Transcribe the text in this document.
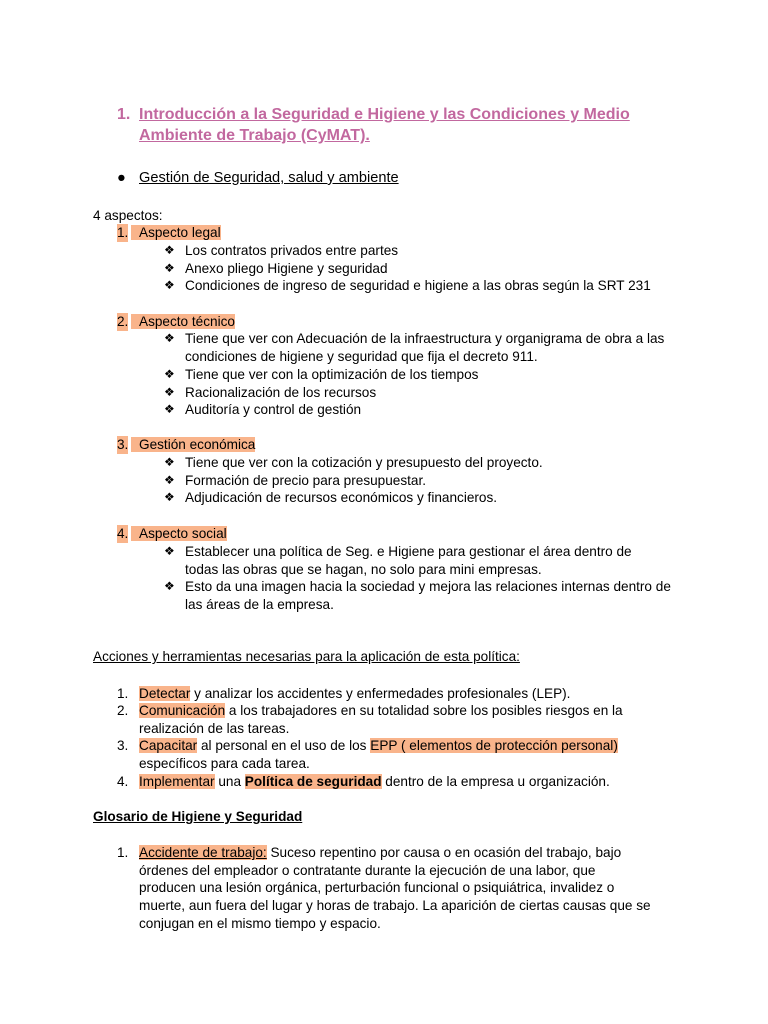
1. Introducción a la Seguridad e Higiene y las Condiciones y Medio Ambiente de Trabajo (CyMAT).
● Gestión de Seguridad, salud y ambiente
4 aspectos:
1. Aspecto legal
❖ Los contratos privados entre partes
❖ Anexo pliego Higiene y seguridad
❖ Condiciones de ingreso de seguridad e higiene a las obras según la SRT 231
2. Aspecto técnico
❖ Tiene que ver con Adecuación de la infraestructura y organigrama de obra a las condiciones de higiene y seguridad que fija el decreto 911.
❖ Tiene que ver con la optimización de los tiempos
❖ Racionalización de los recursos
❖ Auditoría y control de gestión
3. Gestión económica
❖ Tiene que ver con la cotización y presupuesto del proyecto.
❖ Formación de precio para presupuestar.
❖ Adjudicación de recursos económicos y financieros.
4. Aspecto social
❖ Establecer una política de Seg. e Higiene para gestionar el área dentro de todas las obras que se hagan, no solo para mini empresas.
❖ Esto da una imagen hacia la sociedad y mejora las relaciones internas dentro de las áreas de la empresa.
Acciones y herramientas necesarias para la aplicación de esta política:
1. Detectar y analizar los accidentes y enfermedades profesionales (LEP).
2. Comunicación a los trabajadores en su totalidad sobre los posibles riesgos en la
realización de las tareas.
3. Capacitar al personal en el uso de los EPP ( elementos de protección personal)
específicos para cada tarea.
4. Implementar una Política de seguridad dentro de la empresa u organización.
Glosario de Higiene y Seguridad
1. Accidente de trabajo: Suceso repentino por causa o en ocasión del trabajo, bajo
órdenes del empleador o contratante durante la ejecución de una labor, que
producen una lesión orgánica, perturbación funcional o psiquiátrica, invalidez o
muerte, aun fuera del lugar y horas de trabajo. La aparición de ciertas causas que se
conjugan en el mismo tiempo y espacio.
